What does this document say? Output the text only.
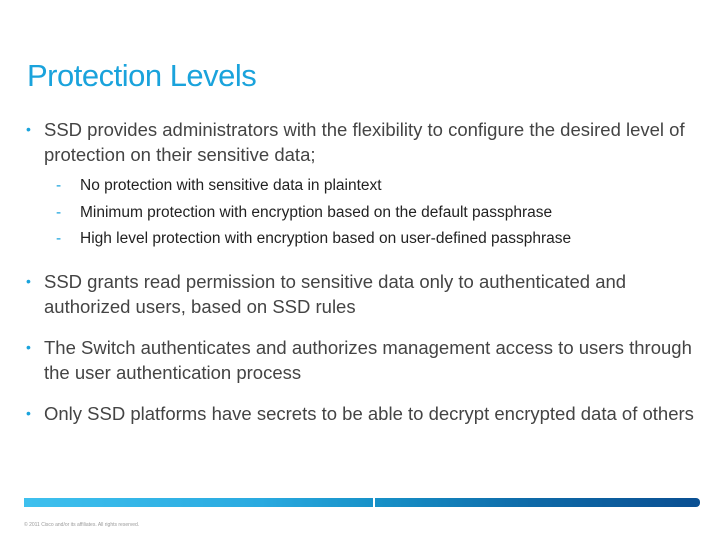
Protection Levels
• SSD provides administrators with the flexibility to configure the desired level of protection on their sensitive data;
- No protection with sensitive data in plaintext
- Minimum protection with encryption based on the default passphrase
- High level protection with encryption based on user-defined passphrase
• SSD grants read permission to sensitive data only to authenticated and authorized users, based on SSD rules
• The Switch authenticates and authorizes management access to users through the user authentication process
• Only SSD platforms have secrets to be able to decrypt encrypted data of others
© 2011 Cisco and/or its affiliates. All rights reserved.
